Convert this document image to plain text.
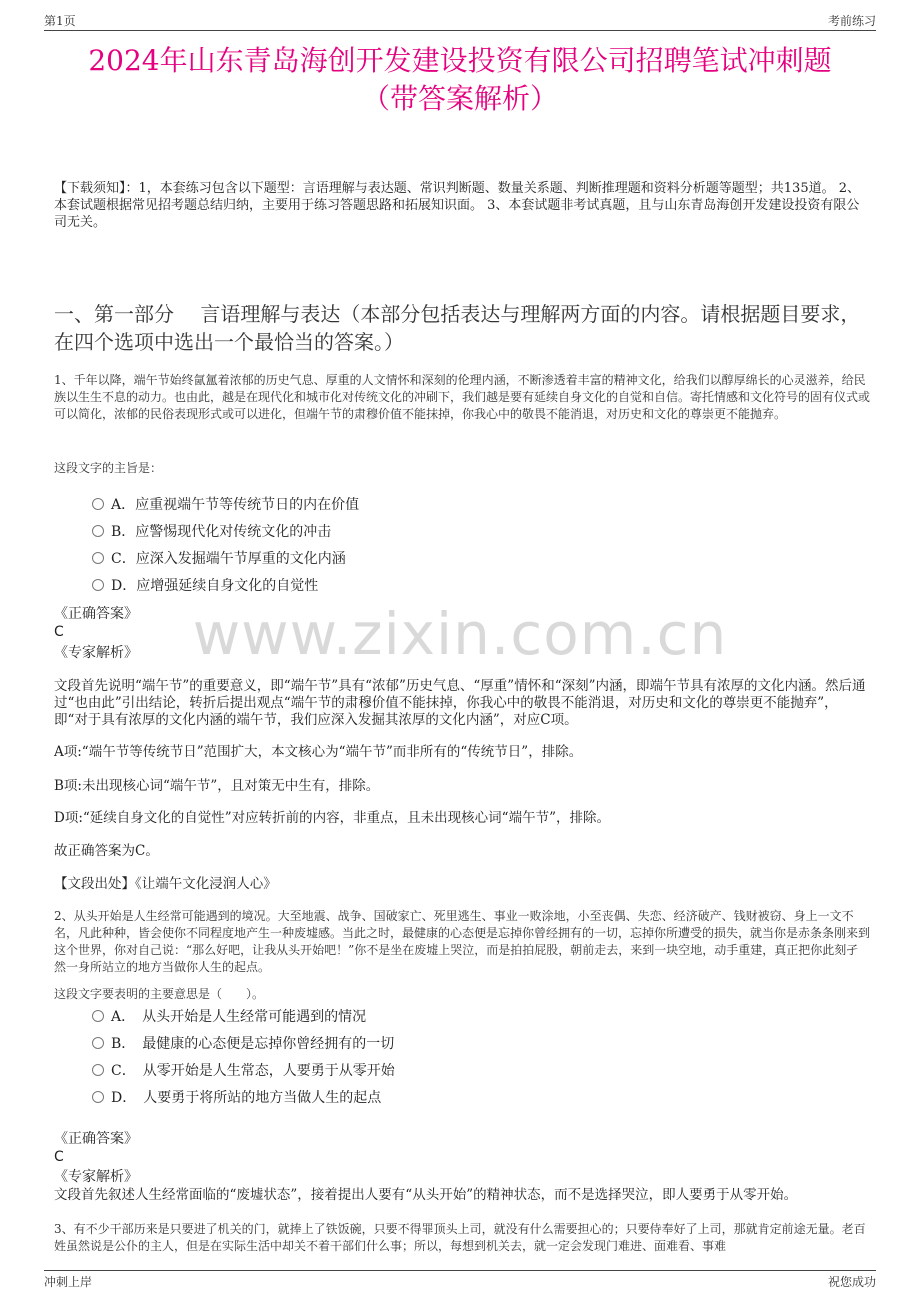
第1页	考前练习
2024年山东青岛海创开发建设投资有限公司招聘笔试冲刺题
（带答案解析）
www.zixin.com.cn
【下载须知】：1，本套练习包含以下题型：言语理解与表达题、常识判断题、数量关系题、判断推理题和资料分析题等题型；共135道。 2、本套试题根据常见招考题总结归纳，主要用于练习答题思路和拓展知识面。 3、本套试题非考试真题，且与山东青岛海创开发建设投资有限公司无关。
一、第一部分　 言语理解与表达（本部分包括表达与理解两方面的内容。请根据题目要求，在四个选项中选出一个最恰当的答案。）
1、千年以降，端午节始终氤氲着浓郁的历史气息、厚重的人文情怀和深刻的伦理内涵，不断渗透着丰富的精神文化，给我们以醇厚绵长的心灵滋养，给民族以生生不息的动力。也由此，越是在现代化和城市化对传统文化的冲刷下，我们越是要有延续自身文化的自觉和自信。寄托情感和文化符号的固有仪式或可以简化，浓郁的民俗表现形式或可以进化，但端午节的肃穆价值不能抹掉，你我心中的敬畏不能消退，对历史和文化的尊崇更不能抛弃。
这段文字的主旨是：
A．应重视端午节等传统节日的内在价值
B．应警惕现代化对传统文化的冲击
C．应深入发掘端午节厚重的文化内涵
D．应增强延续自身文化的自觉性
《正确答案》
C
《专家解析》
文段首先说明“端午节”的重要意义，即“端午节”具有“浓郁”历史气息、“厚重”情怀和“深刻”内涵，即端午节具有浓厚的文化内涵。然后通过“也由此”引出结论，转折后提出观点“端午节的肃穆价值不能抹掉，你我心中的敬畏不能消退，对历史和文化的尊崇更不能抛弃”，即“对于具有浓厚的文化内涵的端午节，我们应深入发掘其浓厚的文化内涵”，对应C项。
A项:“端午节等传统节日”范围扩大，本文核心为“端午节”而非所有的“传统节日”，排除。
B项:未出现核心词“端午节”，且对策无中生有，排除。
D项:“延续自身文化的自觉性”对应转折前的内容，非重点，且未出现核心词“端午节”，排除。
故正确答案为C。
【文段出处】《让端午文化浸润人心》
2、从头开始是人生经常可能遇到的境况。大至地震、战争、国破家亡、死里逃生、事业一败涂地，小至丧偶、失恋、经济破产、钱财被窃、身上一文不名，凡此种种，皆会使你不同程度地产生一种废墟感。当此之时，最健康的心态便是忘掉你曾经拥有的一切，忘掉你所遭受的损失，就当你是赤条条刚来到这个世界，你对自己说：“那么好吧，让我从头开始吧！”你不是坐在废墟上哭泣，而是拍拍屁股，朝前走去，来到一块空地，动手重建，真正把你此刻孑然一身所站立的地方当做你人生的起点。
这段文字要表明的主要意思是（　　）。
A．　从头开始是人生经常可能遇到的情况
B．　最健康的心态便是忘掉你曾经拥有的一切
C．　从零开始是人生常态，人要勇于从零开始
D．　人要勇于将所站的地方当做人生的起点
《正确答案》
C
《专家解析》
文段首先叙述人生经常面临的“废墟状态”，接着提出人要有“从头开始”的精神状态，而不是选择哭泣，即人要勇于从零开始。
3、有不少干部历来是只要进了机关的门，就捧上了铁饭碗，只要不得罪顶头上司，就没有什么需要担心的；只要侍奉好了上司，那就肯定前途无量。老百姓虽然说是公仆的主人，但是在实际生活中却关不着干部们什么事；所以，每想到机关去，就一定会发现门难进、面难看、事难
冲刺上岸	祝您成功
